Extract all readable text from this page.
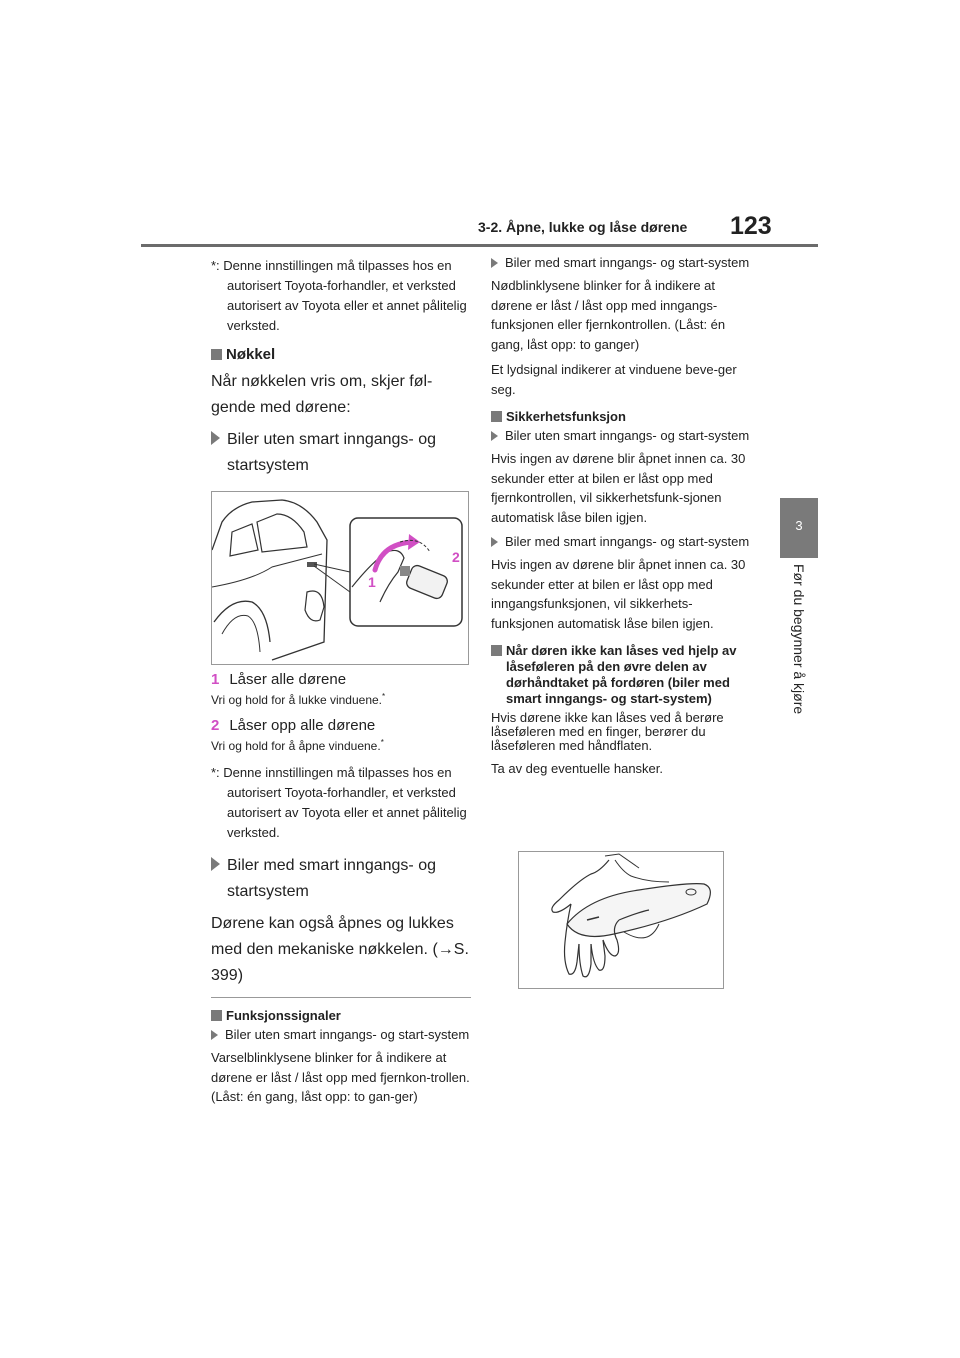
3-2. Åpne, lukke og låse dørene 123
3
Før du begynner å kjøre

*: Denne innstillingen må tilpasses hos en autorisert Toyota-forhandler, et verksted autorisert av Toyota eller et annet pålitelig verksted.

Nøkkel

Når nøkkelen vris om, skjer føl-gende med dørene:

Biler uten smart inngangs- og startsystem
1
2
1 Låser alle dørene
Vri og hold for å lukke vinduene.*
2 Låser opp alle dørene
Vri og hold for å åpne vinduene.*

*: Denne innstillingen må tilpasses hos en autorisert Toyota-forhandler, et verksted autorisert av Toyota eller et annet pålitelig verksted.

Biler med smart inngangs- og startsystem

Dørene kan også åpnes og lukkes med den mekaniske nøkkelen. (→S. 399)

Funksjonssignaler
Biler uten smart inngangs- og start-system

Varselblinklysene blinker for å indikere at dørene er låst / låst opp med fjernkon-trollen. (Låst: én gang, låst opp: to gan-ger)

Biler med smart inngangs- og start-system

Nødblinklysene blinker for å indikere at dørene er låst / låst opp med inngangs-funksjonen eller fjernkontrollen. (Låst: én gang, låst opp: to ganger)

Et lydsignal indikerer at vinduene beve-ger seg.

Sikkerhetsfunksjon
Biler uten smart inngangs- og start-system

Hvis ingen av dørene blir åpnet innen ca. 30 sekunder etter at bilen er låst opp med fjernkontrollen, vil sikkerhetsfunk-sjonen automatisk låse bilen igjen.

Biler med smart inngangs- og start-system

Hvis ingen av dørene blir åpnet innen ca. 30 sekunder etter at bilen er låst opp med inngangsfunksjonen, vil sikkerhets-funksjonen automatisk låse bilen igjen.

Når døren ikke kan låses ved hjelp av låseføleren på den øvre delen av dørhåndtaket på fordøren (biler med smart inngangs- og start-system)

Hvis dørene ikke kan låses ved å berøre låseføleren med en finger, berører du låseføleren med håndflaten.

Ta av deg eventuelle hansker.
